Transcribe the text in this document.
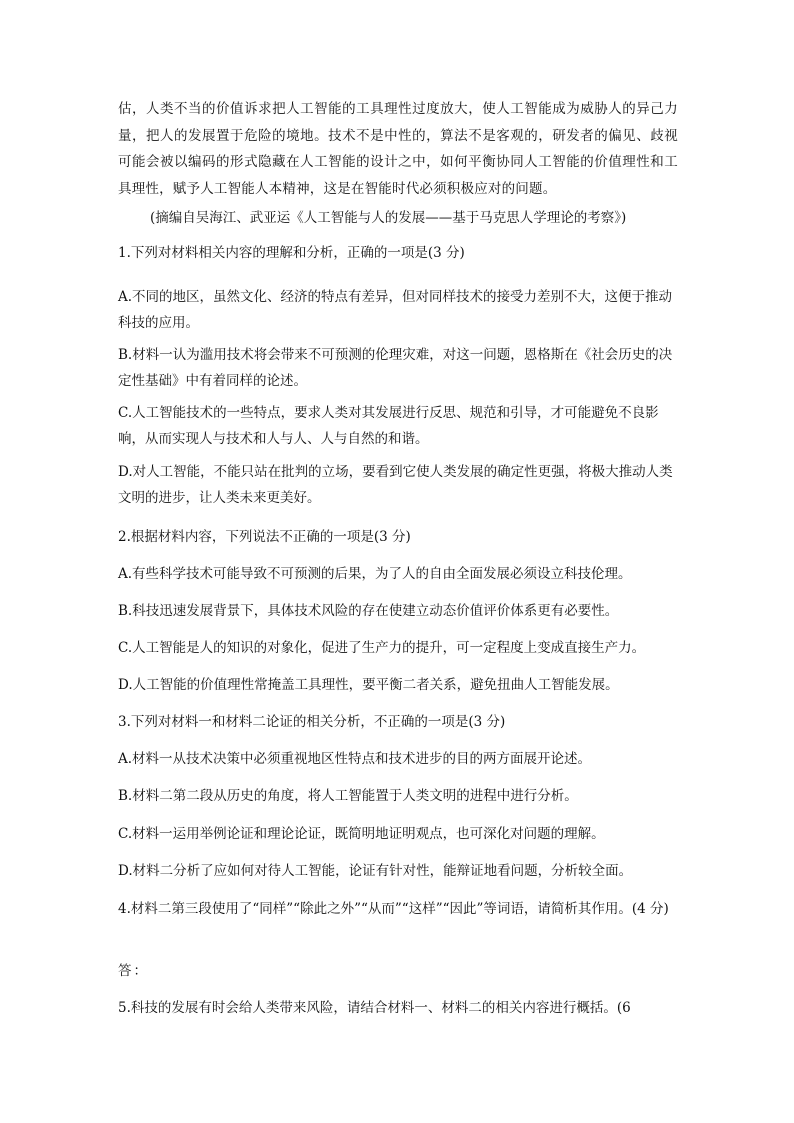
估，人类不当的价值诉求把人工智能的工具理性过度放大，使人工智能成为威胁人的异己力量，把人的发展置于危险的境地。技术不是中性的，算法不是客观的，研发者的偏见、歧视可能会被以编码的形式隐藏在人工智能的设计之中，如何平衡协同人工智能的价值理性和工具理性，赋予人工智能人本精神，这是在智能时代必须积极应对的问题。
(摘编自吴海江、武亚运《人工智能与人的发展——基于马克思人学理论的考察》)
1.下列对材料相关内容的理解和分析，正确的一项是(3 分)
A.不同的地区，虽然文化、经济的特点有差异，但对同样技术的接受力差别不大，这便于推动科技的应用。
B.材料一认为滥用技术将会带来不可预测的伦理灾难，对这一问题，恩格斯在《社会历史的决定性基础》中有着同样的论述。
C.人工智能技术的一些特点，要求人类对其发展进行反思、规范和引导，才可能避免不良影响，从而实现人与技术和人与人、人与自然的和谐。
D.对人工智能，不能只站在批判的立场，要看到它使人类发展的确定性更强，将极大推动人类文明的进步，让人类未来更美好。
2.根据材料内容，下列说法不正确的一项是(3 分)
A.有些科学技术可能导致不可预测的后果，为了人的自由全面发展必须设立科技伦理。
B.科技迅速发展背景下，具体技术风险的存在使建立动态价值评价体系更有必要性。
C.人工智能是人的知识的对象化，促进了生产力的提升，可一定程度上变成直接生产力。
D.人工智能的价值理性常掩盖工具理性，要平衡二者关系，避免扭曲人工智能发展。
3.下列对材料一和材料二论证的相关分析，不正确的一项是(3 分)
A.材料一从技术决策中必须重视地区性特点和技术进步的目的两方面展开论述。
B.材料二第二段从历史的角度，将人工智能置于人类文明的进程中进行分析。
C.材料一运用举例论证和理论论证，既简明地证明观点，也可深化对问题的理解。
D.材料二分析了应如何对待人工智能，论证有针对性，能辩证地看问题，分析较全面。
4.材料二第三段使用了“同样”“除此之外”“从而”“这样”“因此”等词语，请简析其作用。(4 分)
答：
5.科技的发展有时会给人类带来风险，请结合材料一、材料二的相关内容进行概括。(6
